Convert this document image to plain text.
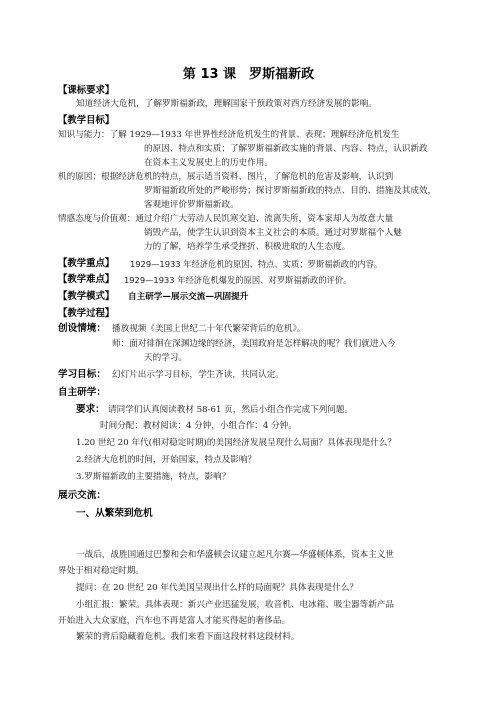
第 13 课　罗斯福新政
【课标要求】
知道经济大危机，了解罗斯福新政，理解国家干预政策对西方经济发展的影响。
【教学目标】
知识与能力：了解 1929—1933 年世界性经济危机发生的背景、表现；理解经济危机发生
的原因、特点和实质；了解罗斯福新政实施的背景、内容、特点，认识新政
在资本主义发展史上的历史作用。
机的原因；根据经济危机的特点，展示适当资料、图片，了解危机的危害及影响，认识到
罗斯福新政所处的严峻形势；探讨罗斯福新政的特点、目的、措施及其成效，
客观地评价罗斯福新政。
情感态度与价值观：通过介绍广大劳动人民饥寒交迫、流离失所，资本家却人为故意大量
销毁产品，使学生认识到资本主义社会的本质。通过对罗斯福个人魅
力的了解，培养学生承受挫折、积极进取的人生态度。
【教学重点】 1929—1933 年经济危机的原因、特点、实质；罗斯福新政的内容。
【教学难点】 1929—1933 年经济危机爆发的原因、对罗斯福新政的评价。
【教学模式】 自主研学—展示交流—巩固提升
【教学过程】
创设情境： 播放视频《美国上世纪二十年代繁荣背后的危机》。
师：面对徘徊在深渊边缘的经济，美国政府是怎样解决的呢？我们就进入今
天的学习。
学习目标： 幻灯片出示学习目标，学生齐读，共同认定。
自主研学：
要求： 请同学们认真阅读教材 58-61 页，然后小组合作完成下列问题。
时间分配：教材阅读：4 分钟，小组合作：4 分钟。
1.20 世纪 20 年代(相对稳定时期)的美国经济发展呈现什么局面？具体表现是什么？
2.经济大危机的时间，开始国家，特点及影响？
3.罗斯福新政的主要措施，特点，影响？
展示交流：
一、从繁荣到危机
一战后，战胜国通过巴黎和会和华盛顿会议建立起凡尔赛—华盛顿体系，资本主义世
界处于相对稳定时期。
提问：在 20 世纪 20 年代美国呈现出什么样的局面呢？具体表现是什么？
小组汇报：繁荣。具体表现：新兴产业迅猛发展，收音机、电冰箱、吸尘器等新产品
开始进入大众家庭，汽车也不再是富人才能买得起的奢侈品。
繁荣的背后隐藏着危机。我们来看下面这段材料这段材料。
